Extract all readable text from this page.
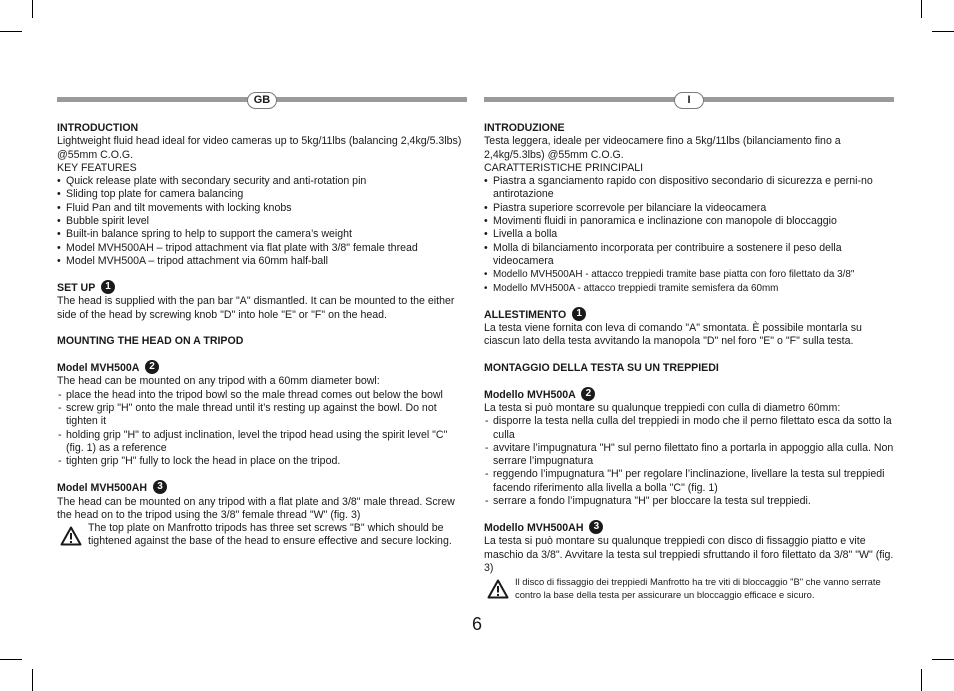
GB

INTRODUCTION

Lightweight fluid head ideal for video cameras up to 5kg/11lbs (balancing 2,4kg/5.3lbs) @55mm C.O.G.

KEY FEATURES

• Quick release plate with secondary security and anti-rotation pin
• Sliding top plate for camera balancing
• Fluid Pan and tilt movements with locking knobs
• Bubble spirit level
• Built-in balance spring to help to support the camera’s weight
• Model MVH500AH – tripod attachment via flat plate with 3/8" female thread
• Model MVH500A – tripod attachment via 60mm half-ball

SET UP 1

The head is supplied with the pan bar "A" dismantled. It can be mounted to the either side of the head by screwing knob "D" into hole "E" or "F" on the head.

MOUNTING THE HEAD ON A TRIPOD

Model MVH500A 2

The head can be mounted on any tripod with a 60mm diameter bowl:

- place the head into the tripod bowl so the male thread comes out below the bowl
- screw grip "H" onto the male thread until it’s resting up against the bowl. Do not tighten it
- holding grip "H" to adjust inclination, level the tripod head using the spirit level "C" (fig. 1) as a reference
- tighten grip "H" fully to lock the head in place on the tripod.

Model MVH500AH 3

The head can be mounted on any tripod with a flat plate and 3/8" male thread. Screw the head on to the tripod using the 3/8" female thread "W" (fig. 3)

The top plate on Manfrotto tripods has three set screws "B" which should be tightened against the base of the head to ensure effective and secure locking.

I

INTRODUZIONE

Testa leggera, ideale per videocamere fino a 5kg/11lbs (bilanciamento fino a 2,4kg/5.3lbs) @55mm C.O.G.

CARATTERISTICHE PRINCIPALI

• Piastra a sganciamento rapido con dispositivo secondario di sicurezza e perni-no antirotazione
• Piastra superiore scorrevole per bilanciare la videocamera
• Movimenti fluidi in panoramica e inclinazione con manopole di bloccaggio
• Livella a bolla
• Molla di bilanciamento incorporata per contribuire a sostenere il peso della videocamera
• Modello MVH500AH - attacco treppiedi tramite base piatta con foro filettato da 3/8"
• Modello MVH500A - attacco treppiedi tramite semisfera da 60mm

ALLESTIMENTO 1

La testa viene fornita con leva di comando "A" smontata. È possibile montarla su ciascun lato della testa avvitando la manopola "D" nel foro "E" o "F" sulla testa.

MONTAGGIO DELLA TESTA SU UN TREPPIEDI

Modello MVH500A 2

La testa si può montare su qualunque treppiedi con culla di diametro 60mm:

- disporre la testa nella culla del treppiedi in modo che il perno filettato esca da sotto la culla
- avvitare l’impugnatura "H" sul perno filettato fino a portarla in appoggio alla culla. Non serrare l’impugnatura
- reggendo l’impugnatura "H" per regolare l’inclinazione, livellare la testa sul treppiedi facendo riferimento alla livella a bolla "C" (fig. 1)
- serrare a fondo l’impugnatura "H" per bloccare la testa sul treppiedi.

Modello MVH500AH 3

La testa si può montare su qualunque treppiedi con disco di fissaggio piatto e vite maschio da 3/8". Avvitare la testa sul treppiedi sfruttando il foro filettato da 3/8" "W" (fig. 3)

Il disco di fissaggio dei treppiedi Manfrotto ha tre viti di bloccaggio "B" che vanno serrate contro la base della testa per assicurare un bloccaggio efficace e sicuro.

6
